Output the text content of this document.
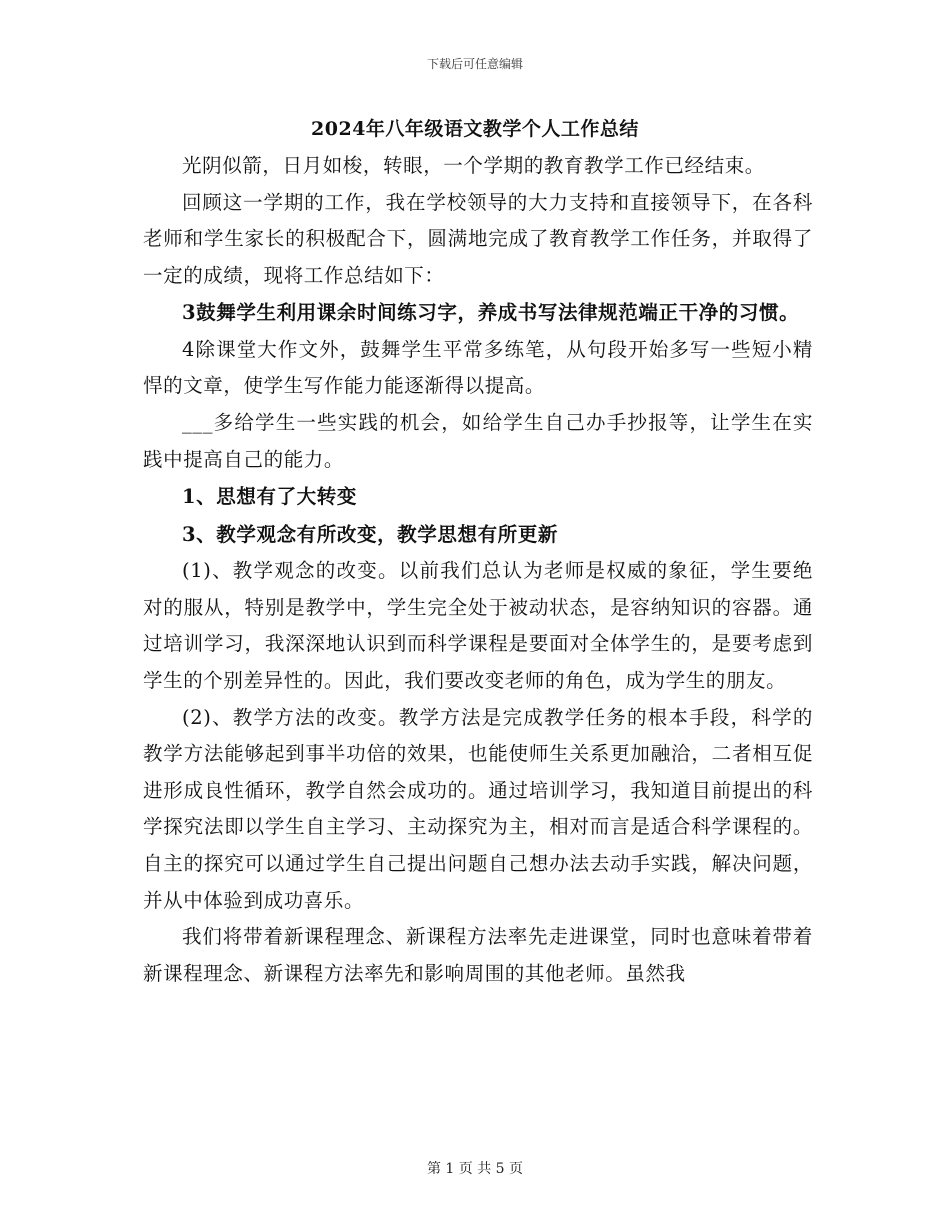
下载后可任意编辑
2024年八年级语文教学个人工作总结

光阴似箭，日月如梭，转眼，一个学期的教育教学工作已经结束。

回顾这一学期的工作，我在学校领导的大力支持和直接领导下，在各科老师和学生家长的积极配合下，圆满地完成了教育教学工作任务，并取得了一定的成绩，现将工作总结如下：

3鼓舞学生利用课余时间练习字，养成书写法律规范端正干净的习惯。

4除课堂大作文外，鼓舞学生平常多练笔，从句段开始多写一些短小精悍的文章，使学生写作能力能逐渐得以提高。

___多给学生一些实践的机会，如给学生自己办手抄报等，让学生在实践中提高自己的能力。

1、思想有了大转变

3、教学观念有所改变，教学思想有所更新

(1)、教学观念的改变。以前我们总认为老师是权威的象征，学生要绝对的服从，特别是教学中，学生完全处于被动状态，是容纳知识的容器。通过培训学习，我深深地认识到而科学课程是要面对全体学生的，是要考虑到学生的个别差异性的。因此，我们要改变老师的角色，成为学生的朋友。

(2)、教学方法的改变。教学方法是完成教学任务的根本手段，科学的教学方法能够起到事半功倍的效果，也能使师生关系更加融洽，二者相互促进形成良性循环，教学自然会成功的。通过培训学习，我知道目前提出的科学探究法即以学生自主学习、主动探究为主，相对而言是适合科学课程的。自主的探究可以通过学生自己提出问题自己想办法去动手实践，解决问题，并从中体验到成功喜乐。

我们将带着新课程理念、新课程方法率先走进课堂，同时也意味着带着新课程理念、新课程方法率先和影响周围的其他老师。虽然我

第 1 页 共 5 页
